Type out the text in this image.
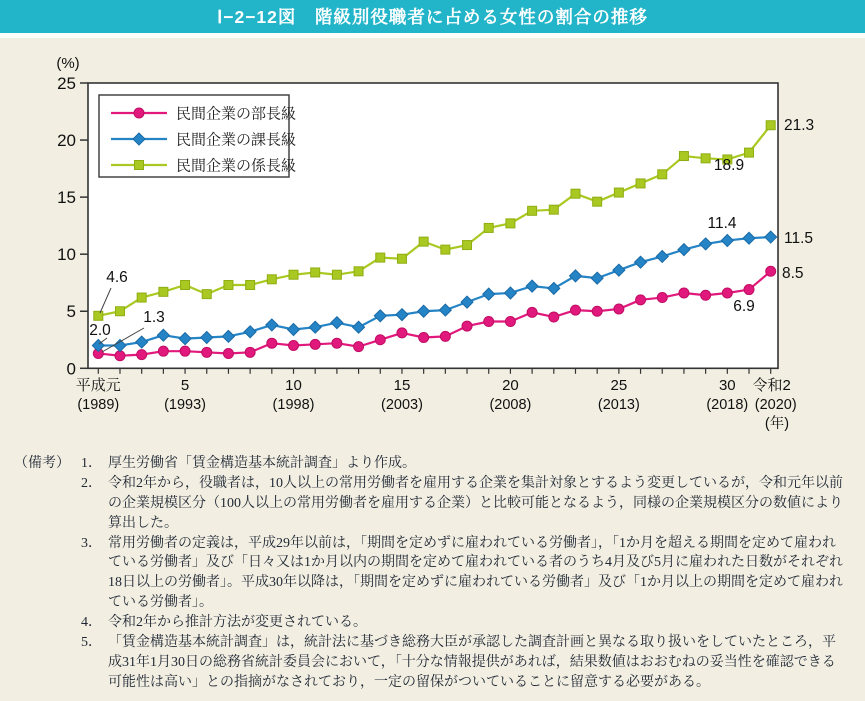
Ⅰ−2−12図　階級別役職者に占める女性の割合の推移
0
5
10
15
20
25
(%)
平成元
(1989)
5
(1993)
10
(1998)
15
(2003)
20
(2008)
25
(2013)
30
(2018)
令和2
(2020)
(年)
民間企業の部長級
民間企業の課長級
民間企業の係長級
4.6
2.0
1.3
21.3
18.9
11.4
11.5
8.5
6.9
（備考） 1． 厚生労働省「賃金構造基本統計調査」より作成。
2． 令和2年から，役職者は，10人以上の常用労働者を雇用する企業を集計対象とするよう変更しているが，令和元年以前の企業規模区分（100人以上の常用労働者を雇用する企業）と比較可能となるよう，同様の企業規模区分の数値により算出した。
3． 常用労働者の定義は，平成29年以前は，「期間を定めずに雇われている労働者」，「1か月を超える期間を定めて雇われている労働者」及び「日々又は1か月以内の期間を定めて雇われている者のうち4月及び5月に雇われた日数がそれぞれ18日以上の労働者」。平成30年以降は，「期間を定めずに雇われている労働者」及び「1か月以上の期間を定めて雇われている労働者」。
4． 令和2年から推計方法が変更されている。
5． 「賃金構造基本統計調査」は，統計法に基づき総務大臣が承認した調査計画と異なる取り扱いをしていたところ，平成31年1月30日の総務省統計委員会において，「十分な情報提供があれば，結果数値はおおむねの妥当性を確認できる可能性は高い」との指摘がなされており，一定の留保がついていることに留意する必要がある。
